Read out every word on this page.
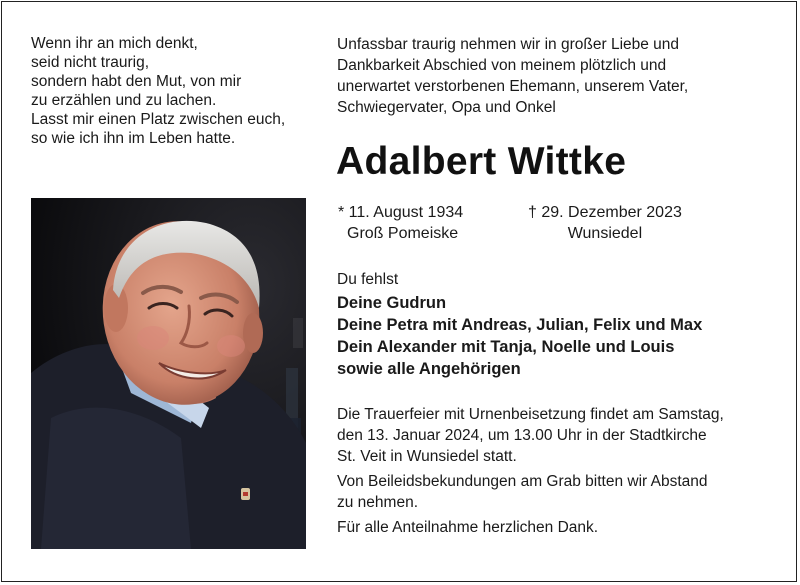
Wenn ihr an mich denkt,
seid nicht traurig,
sondern habt den Mut, von mir
zu erzählen und zu lachen.
Lasst mir einen Platz zwischen euch,
so wie ich ihn im Leben hatte.
Unfassbar traurig nehmen wir in großer Liebe und
Dankbarkeit Abschied von meinem plötzlich und
unerwartet verstorbenen Ehemann, unserem Vater,
Schwiegervater, Opa und Onkel
Adalbert Wittke
* 11. August 1934
Groß Pomeiske
† 29. Dezember 2023
Wunsiedel
Du fehlst
Deine Gudrun
Deine Petra mit Andreas, Julian, Felix und Max
Dein Alexander mit Tanja, Noelle und Louis
sowie alle Angehörigen
Die Trauerfeier mit Urnenbeisetzung findet am Samstag,
den 13. Januar 2024, um 13.00 Uhr in der Stadtkirche
St. Veit in Wunsiedel statt.
Von Beileidsbekundungen am Grab bitten wir Abstand
zu nehmen.
Für alle Anteilnahme herzlichen Dank.
